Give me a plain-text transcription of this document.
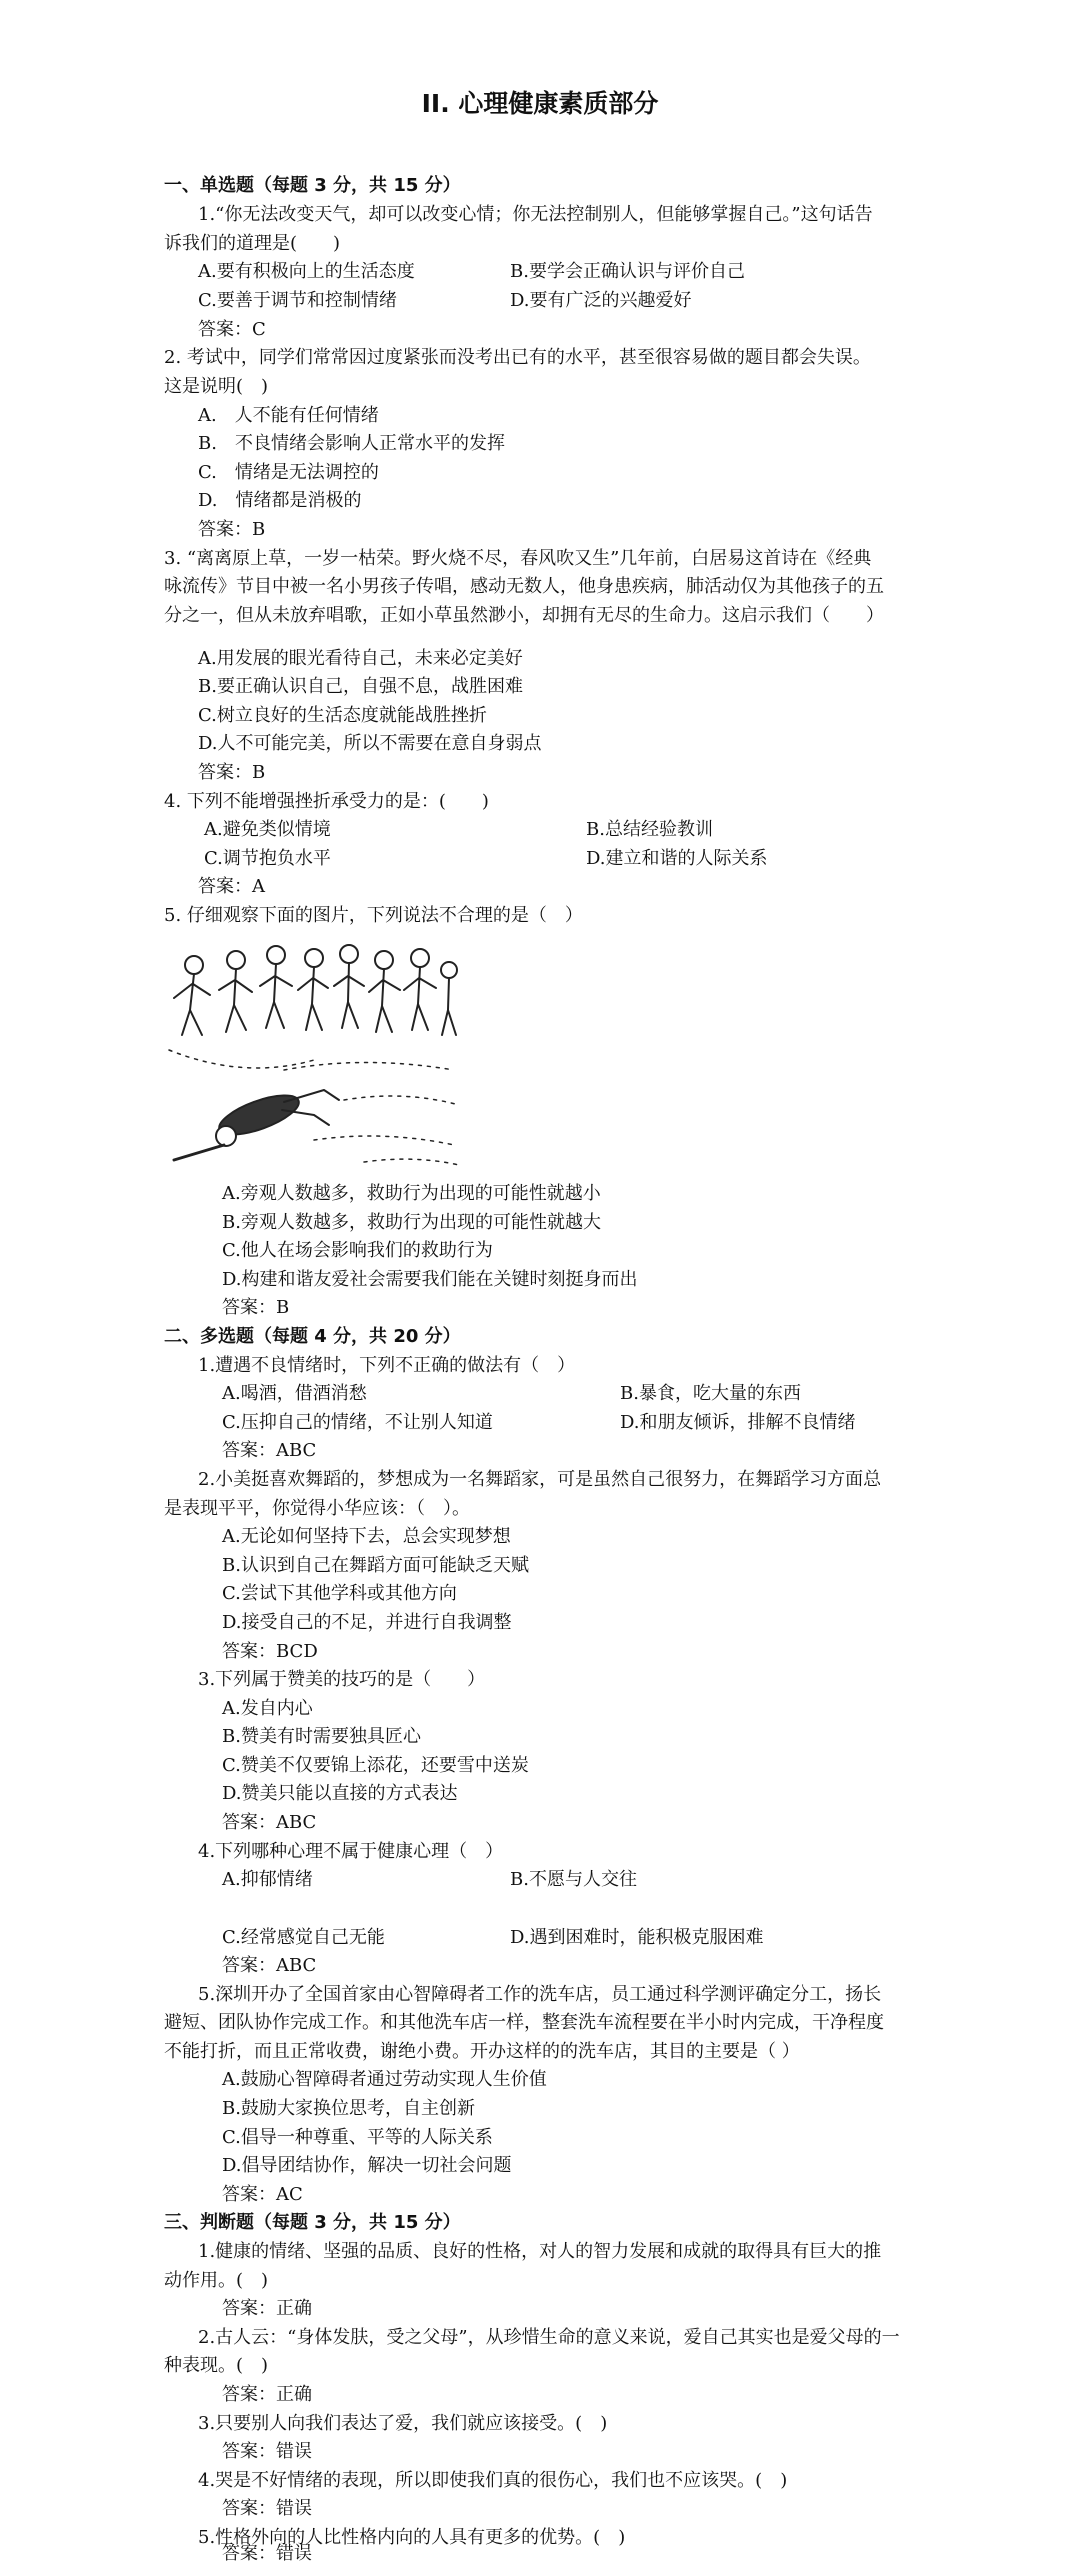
II. 心理健康素质部分
一、单选题（每题 3 分，共 15 分）
1.“你无法改变天气，却可以改变心情；你无法控制别人，但能够掌握自己。”这句话告
诉我们的道理是(　　)
A.要有积极向上的生活态度	B.要学会正确认识与评价自己
C.要善于调节和控制情绪	D.要有广泛的兴趣爱好
答案：C
2. 考试中，同学们常常因过度紧张而没考出已有的水平，甚至很容易做的题目都会失误。
这是说明(　)
A.　人不能有任何情绪
B.　不良情绪会影响人正常水平的发挥
C.　情绪是无法调控的
D.　情绪都是消极的
答案：B
3. “离离原上草，一岁一枯荣。野火烧不尽，春风吹又生”几年前，白居易这首诗在《经典
咏流传》节目中被一名小男孩子传唱，感动无数人，他身患疾病，肺活动仅为其他孩子的五
分之一，但从未放弃唱歌，正如小草虽然渺小，却拥有无尽的生命力。这启示我们（　　）
A.用发展的眼光看待自己，未来必定美好
B.要正确认识自己，自强不息，战胜困难
C.树立良好的生活态度就能战胜挫折
D.人不可能完美，所以不需要在意自身弱点
答案：B
4. 下列不能增强挫折承受力的是：(　　)
A.避免类似情境	B.总结经验教训
C.调节抱负水平	D.建立和谐的人际关系
答案：A
5. 仔细观察下面的图片，下列说法不合理的是（　）
A.旁观人数越多，救助行为出现的可能性就越小
B.旁观人数越多，救助行为出现的可能性就越大
C.他人在场会影响我们的救助行为
D.构建和谐友爱社会需要我们能在关键时刻挺身而出
答案：B
二、多选题（每题 4 分，共 20 分）
1.遭遇不良情绪时，下列不正确的做法有（　）
A.喝酒，借酒消愁	B.暴食，吃大量的东西
C.压抑自己的情绪，不让别人知道	D.和朋友倾诉，排解不良情绪
答案：ABC
2.小美挺喜欢舞蹈的，梦想成为一名舞蹈家，可是虽然自己很努力，在舞蹈学习方面总
是表现平平，你觉得小华应该：（　）。
A.无论如何坚持下去，总会实现梦想
B.认识到自己在舞蹈方面可能缺乏天赋
C.尝试下其他学科或其他方向
D.接受自己的不足，并进行自我调整
答案：BCD
3.下列属于赞美的技巧的是（　　）
A.发自内心
B.赞美有时需要独具匠心
C.赞美不仅要锦上添花，还要雪中送炭
D.赞美只能以直接的方式表达
答案：ABC
4.下列哪种心理不属于健康心理（　）
A.抑郁情绪	B.不愿与人交往
C.经常感觉自己无能	D.遇到困难时，能积极克服困难
答案：ABC
5.深圳开办了全国首家由心智障碍者工作的洗车店，员工通过科学测评确定分工，扬长
避短、团队协作完成工作。和其他洗车店一样，整套洗车流程要在半小时内完成，干净程度
不能打折，而且正常收费，谢绝小费。开办这样的的洗车店，其目的主要是（ ）
A.鼓励心智障碍者通过劳动实现人生价值
B.鼓励大家换位思考，自主创新
C.倡导一种尊重、平等的人际关系
D.倡导团结协作，解决一切社会问题
答案：AC
三、判断题（每题 3 分，共 15 分）
1.健康的情绪、坚强的品质、良好的性格，对人的智力发展和成就的取得具有巨大的推
动作用。(　)
答案：正确
2.古人云：“身体发肤，受之父母”，从珍惜生命的意义来说，爱自己其实也是爱父母的一
种表现。(　)
答案：正确
3.只要别人向我们表达了爱，我们就应该接受。(　)
答案：错误
4.哭是不好情绪的表现，所以即使我们真的很伤心，我们也不应该哭。(　)
答案：错误
5.性格外向的人比性格内向的人具有更多的优势。(　)
答案：错误
